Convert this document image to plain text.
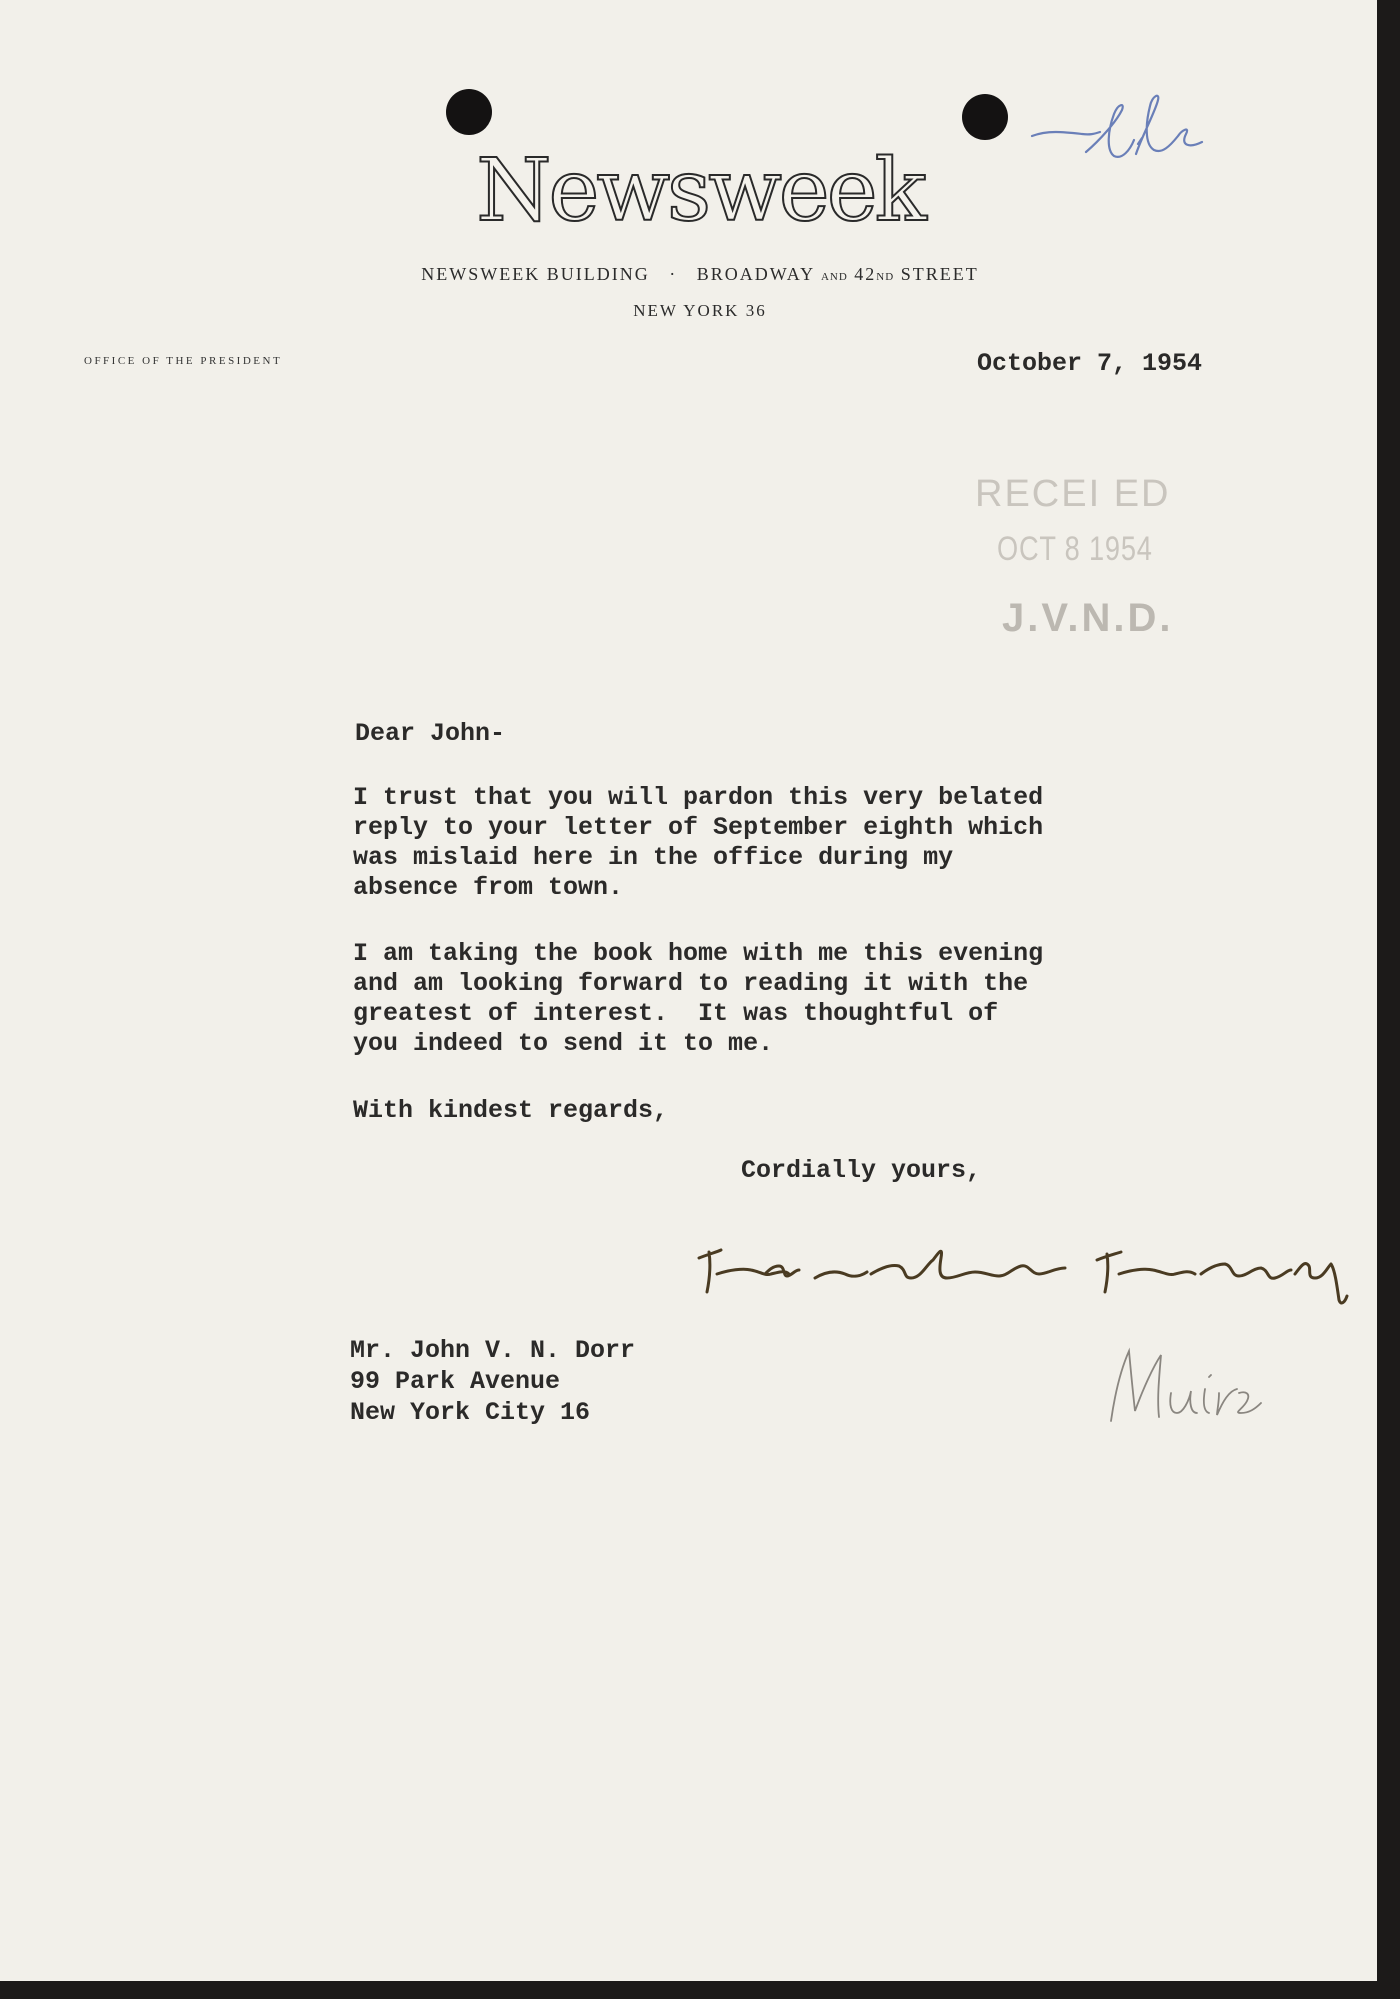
Newsweek
NEWSWEEK BUILDING · BROADWAY AND 42ND STREET
NEW YORK 36
OFFICE OF THE PRESIDENT	October 7, 1954
RECEI ED
OCT 8 1954
J.V.N.D.
Dear John-
I trust that you will pardon this very belated
reply to your letter of September eighth which
was mislaid here in the office during my
absence from town.
I am taking the book home with me this evening
and am looking forward to reading it with the
greatest of interest.  It was thoughtful of
you indeed to send it to me.
With kindest regards,
Cordially yours,
Mr. John V. N. Dorr
99 Park Avenue
New York City 16
